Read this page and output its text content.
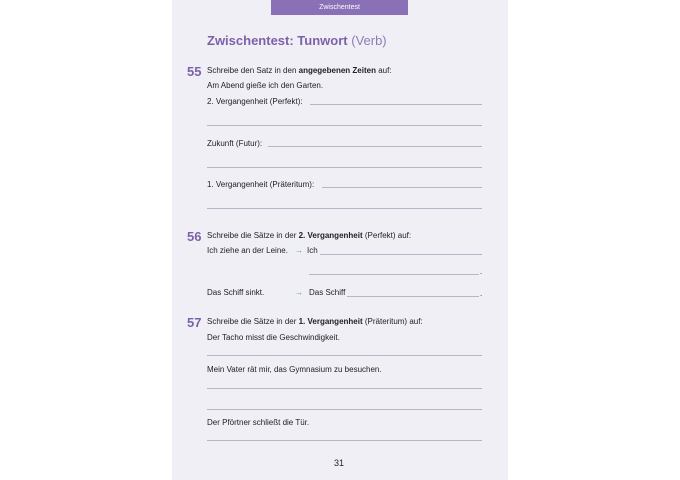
Zwischentest
Zwischentest: Tunwort (Verb)
55 Schreibe den Satz in den angegebenen Zeiten auf:
Am Abend gieße ich den Garten.
2. Vergangenheit (Perfekt):
Zukunft (Futur):
1. Vergangenheit (Präteritum):
56 Schreibe die Sätze in der 2. Vergangenheit (Perfekt) auf:
Ich ziehe an der Leine. → Ich
.
Das Schiff sinkt.	→ Das Schiff	.
57 Schreibe die Sätze in der 1. Vergangenheit (Präteritum) auf:
Der Tacho misst die Geschwindigkeit.
Mein Vater rät mir, das Gymnasium zu besuchen.
Der Pförtner schließt die Tür.
31
